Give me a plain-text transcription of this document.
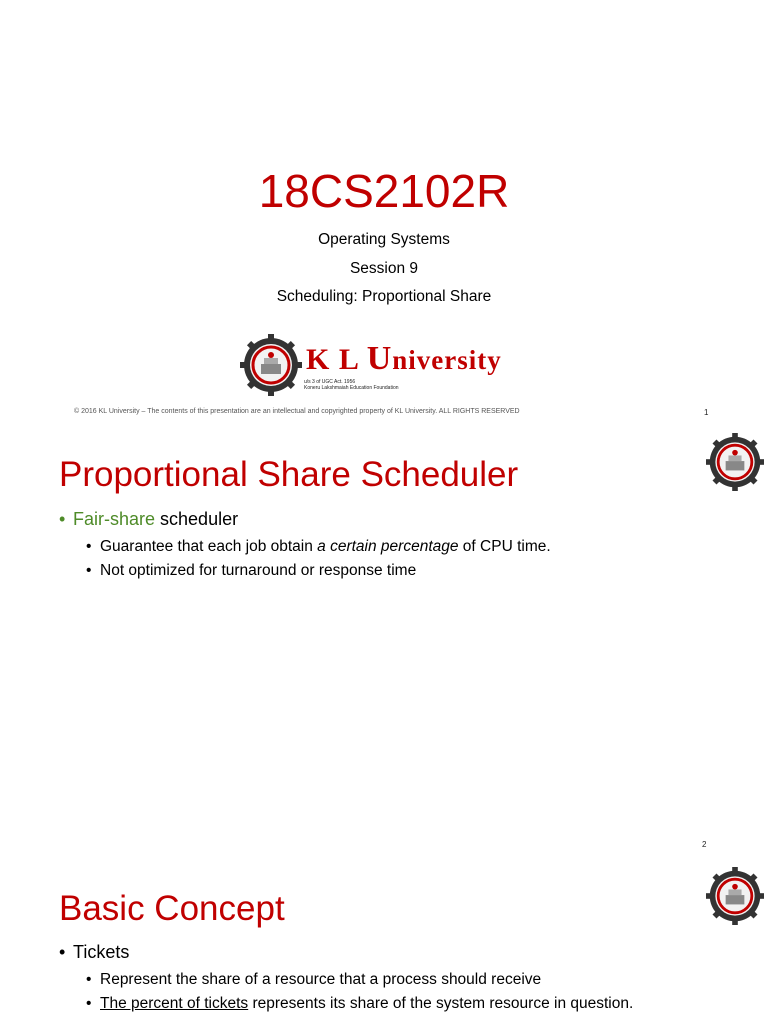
18CS2102R
Operating Systems
Session 9
Scheduling: Proportional Share
K L University
u/s 3 of UGC Act. 1956
Koneru Lakshmaiah Education Foundation
© 2016 KL University – The contents of this presentation are an intellectual and copyrighted property of KL University. ALL RIGHTS RESERVED	1
Proportional Share Scheduler
• Fair-share scheduler
• Guarantee that each job obtain a certain percentage of CPU time.
• Not optimized for turnaround or response time
2
Basic Concept
• Tickets
• Represent the share of a resource that a process should receive
• The percent of tickets represents its share of the system resource in question.
